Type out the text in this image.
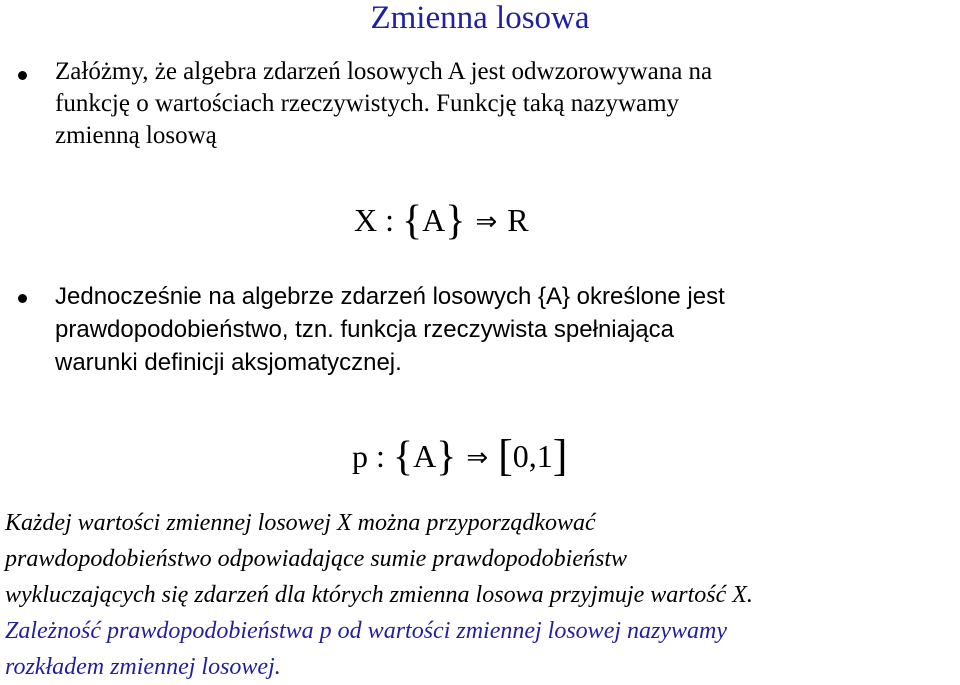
Zmienna losowa
Załóżmy, że algebra zdarzeń losowych A jest odwzorowywana na
funkcję o wartościach rzeczywistych. Funkcję taką nazywamy
zmienną losową
X : {A} ⇒ R
Jednocześnie na algebrze zdarzeń losowych {A} określone jest
prawdopodobieństwo, tzn. funkcja rzeczywista spełniająca
warunki definicji aksjomatycznej.
p : {A} ⇒ [0,1]
Każdej wartości zmiennej losowej X można przyporządkować
prawdopodobieństwo odpowiadające sumie prawdopodobieństw
wykluczających się zdarzeń dla których zmienna losowa przyjmuje wartość X.
Zależność prawdopodobieństwa p od wartości zmiennej losowej nazywamy
rozkładem zmiennej losowej.
